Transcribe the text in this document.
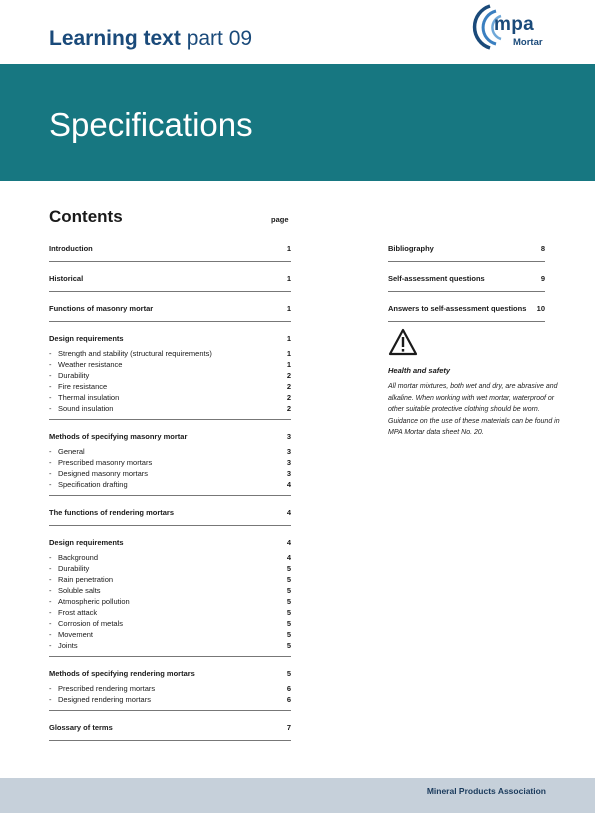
Learning text part 09
mpa
Mortar
Specifications
Contents	page
Introduction	1
Historical	1
Functions of masonry mortar	1
Design requirements	1
- Strength and stability (structural requirements)	1
- Weather resistance	1
- Durability	2
- Fire resistance	2
- Thermal insulation	2
- Sound insulation	2
Methods of specifying masonry mortar	3
- General	3
- Prescribed masonry mortars	3
- Designed masonry mortars	3
- Specification drafting	4
The functions of rendering mortars	4
Design requirements	4
- Background	4
- Durability	5
- Rain penetration	5
- Soluble salts	5
- Atmospheric pollution	5
- Frost attack	5
- Corrosion of metals	5
- Movement	5
- Joints	5
Methods of specifying rendering mortars	5
- Prescribed rendering mortars	6
- Designed rendering mortars	6
Glossary of terms	7
Bibliography	8
Self-assessment questions	9
Answers to self-assessment questions 10
Health and safety
All mortar mixtures, both wet and dry, are abrasive and alkaline. When working with wet mortar, waterproof or other suitable protective clothing should be worn. Guidance on the use of these materials can be found in MPA Mortar data sheet No. 20.
Mineral Products Association
